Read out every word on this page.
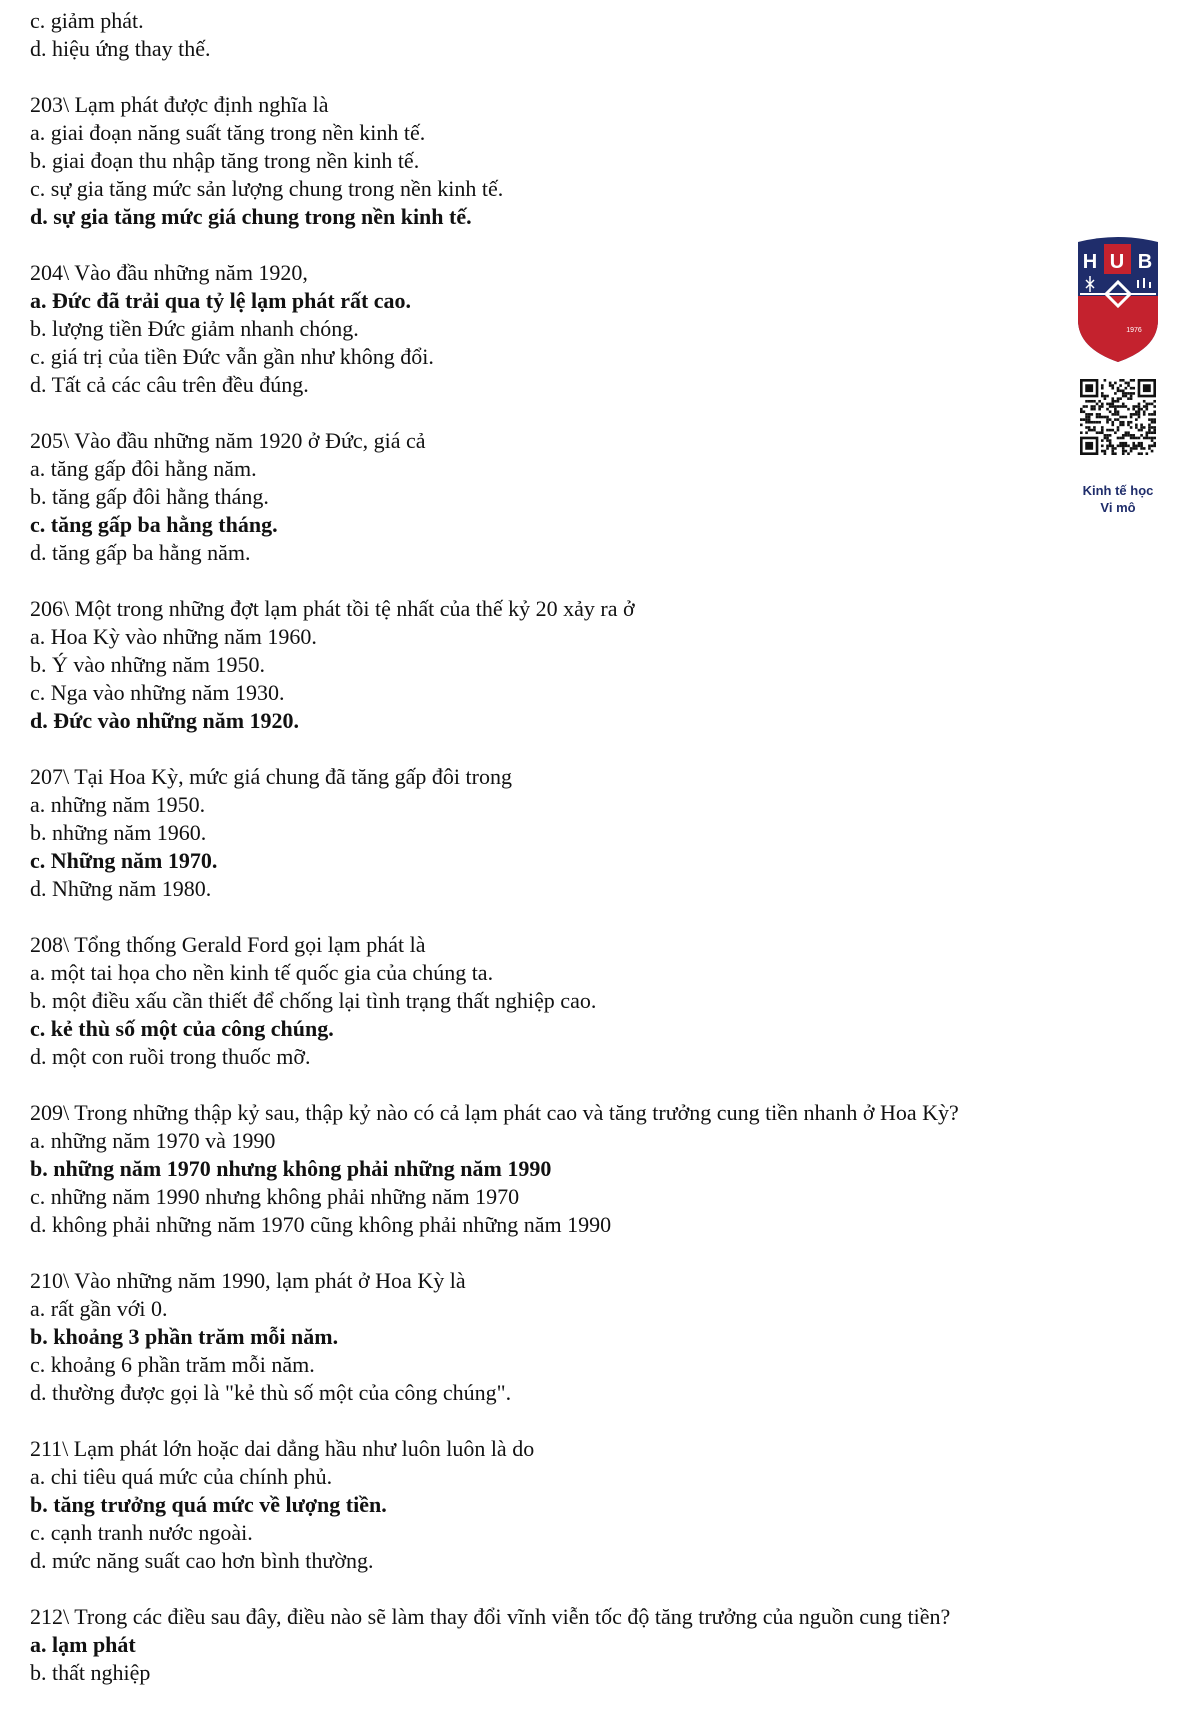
c. giảm phát.
d. hiệu ứng thay thế.
203\ Lạm phát được định nghĩa là
a. giai đoạn năng suất tăng trong nền kinh tế.
b. giai đoạn thu nhập tăng trong nền kinh tế.
c. sự gia tăng mức sản lượng chung trong nền kinh tế.
d. sự gia tăng mức giá chung trong nền kinh tế.
204\ Vào đầu những năm 1920,
a. Đức đã trải qua tỷ lệ lạm phát rất cao.
b. lượng tiền Đức giảm nhanh chóng.
c. giá trị của tiền Đức vẫn gần như không đổi.
d. Tất cả các câu trên đều đúng.
205\ Vào đầu những năm 1920 ở Đức, giá cả
a. tăng gấp đôi hằng năm.
b. tăng gấp đôi hằng tháng.
c. tăng gấp ba hằng tháng.
d. tăng gấp ba hằng năm.
206\ Một trong những đợt lạm phát tồi tệ nhất của thế kỷ 20 xảy ra ở
a. Hoa Kỳ vào những năm 1960.
b. Ý vào những năm 1950.
c. Nga vào những năm 1930.
d. Đức vào những năm 1920.
207\ Tại Hoa Kỳ, mức giá chung đã tăng gấp đôi trong
a. những năm 1950.
b. những năm 1960.
c. Những năm 1970.
d. Những năm 1980.
208\ Tổng thống Gerald Ford gọi lạm phát là
a. một tai họa cho nền kinh tế quốc gia của chúng ta.
b. một điều xấu cần thiết để chống lại tình trạng thất nghiệp cao.
c. kẻ thù số một của công chúng.
d. một con ruồi trong thuốc mỡ.
209\ Trong những thập kỷ sau, thập kỷ nào có cả lạm phát cao và tăng trưởng cung tiền nhanh ở Hoa Kỳ?
a. những năm 1970 và 1990
b. những năm 1970 nhưng không phải những năm 1990
c. những năm 1990 nhưng không phải những năm 1970
d. không phải những năm 1970 cũng không phải những năm 1990
210\ Vào những năm 1990, lạm phát ở Hoa Kỳ là
a. rất gần với 0.
b. khoảng 3 phần trăm mỗi năm.
c. khoảng 6 phần trăm mỗi năm.
d. thường được gọi là "kẻ thù số một của công chúng".
211\ Lạm phát lớn hoặc dai dẳng hầu như luôn luôn là do
a. chi tiêu quá mức của chính phủ.
b. tăng trưởng quá mức về lượng tiền.
c. cạnh tranh nước ngoài.
d. mức năng suất cao hơn bình thường.
212\ Trong các điều sau đây, điều nào sẽ làm thay đổi vĩnh viễn tốc độ tăng trưởng của nguồn cung tiền?
a. lạm phát
b. thất nghiệp
H U B
1976
Kinh tế học
Vi mô
